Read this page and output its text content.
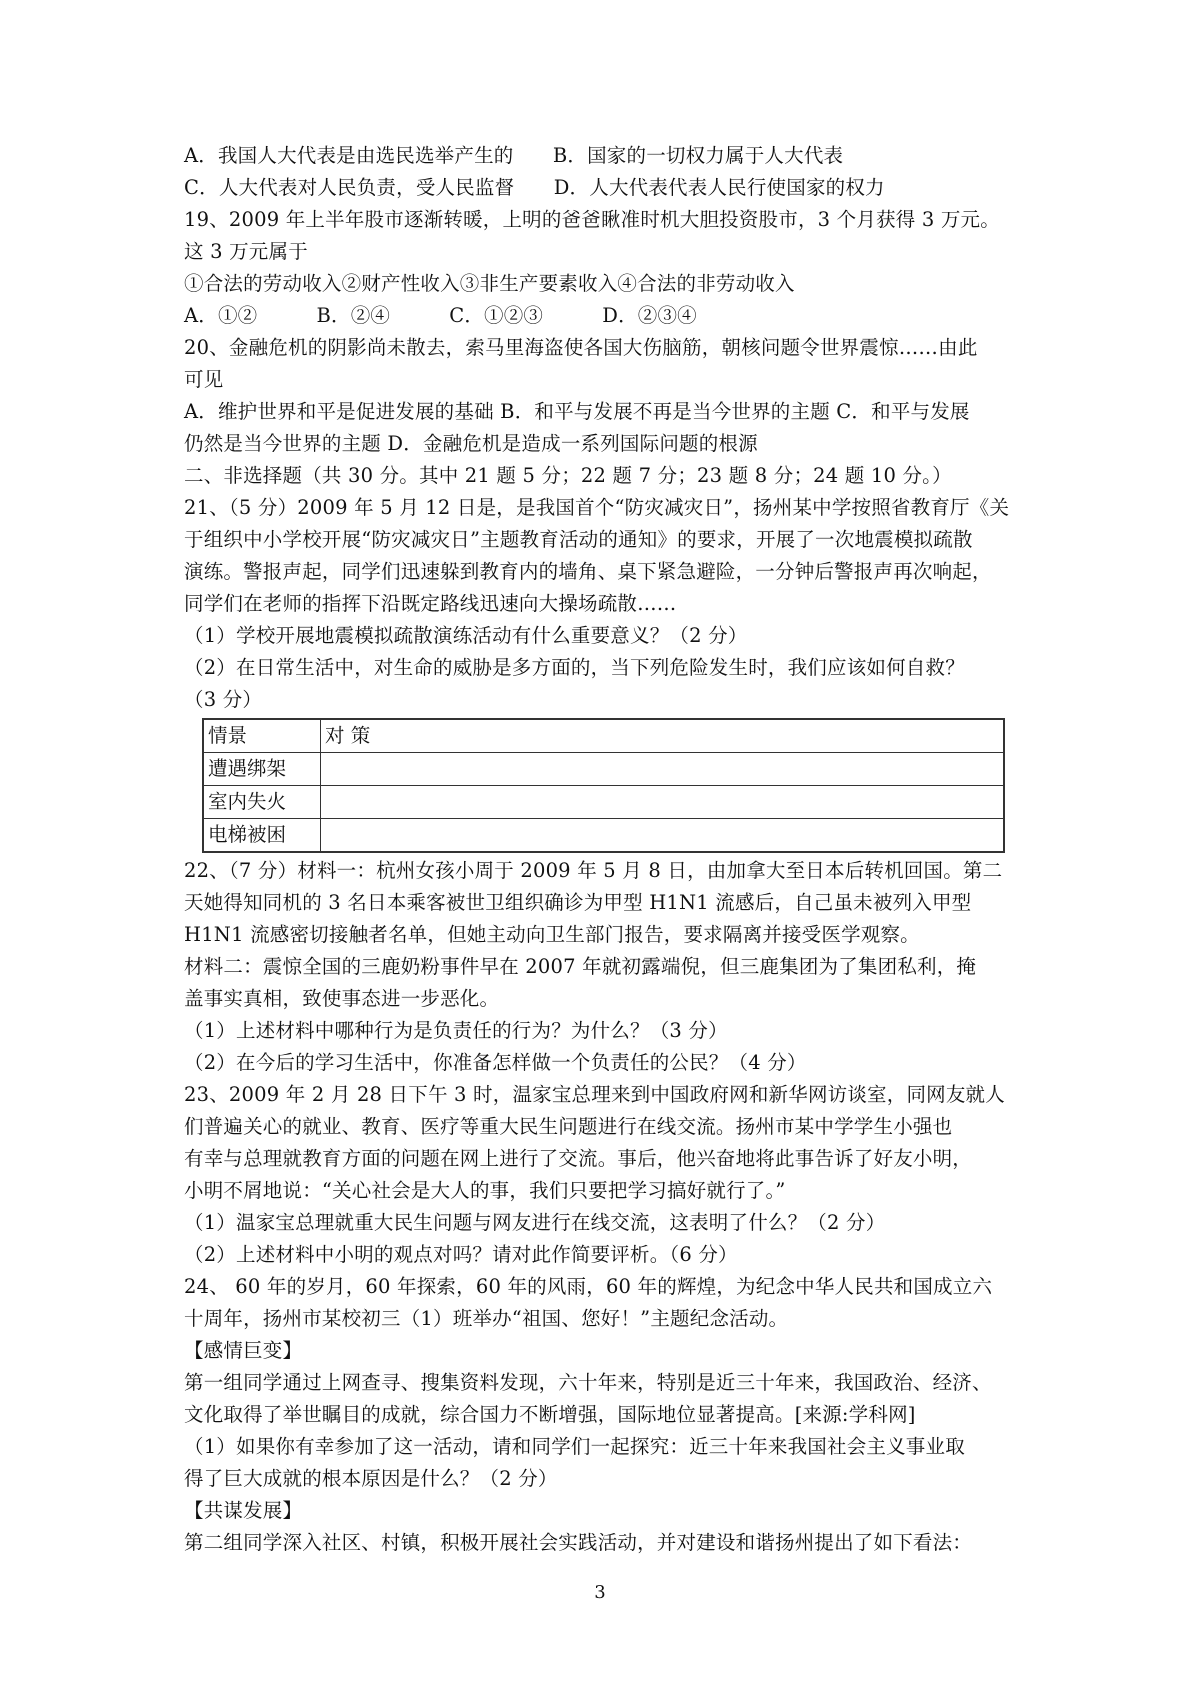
A．我国人大代表是由选民选举产生的　　B．国家的一切权力属于人大代表
C．人大代表对人民负责，受人民监督　　D．人大代表代表人民行使国家的权力
19、2009 年上半年股市逐渐转暖，上明的爸爸瞅准时机大胆投资股市，3 个月获得 3 万元。
这 3 万元属于
①合法的劳动收入②财产性收入③非生产要素收入④合法的非劳动收入
A．①②　　　B．②④　　　C．①②③　　　D．②③④
20、金融危机的阴影尚未散去，索马里海盗使各国大伤脑筋，朝核问题令世界震惊……由此
可见
A．维护世界和平是促进发展的基础 B．和平与发展不再是当今世界的主题 C．和平与发展
仍然是当今世界的主题 D．金融危机是造成一系列国际问题的根源
二、非选择题（共 30 分。其中 21 题 5 分；22 题 7 分；23 题 8 分；24 题 10 分。）
21、（5 分）2009 年 5 月 12 日是，是我国首个“防灾减灾日”，扬州某中学按照省教育厅《关
于组织中小学校开展“防灾减灾日”主题教育活动的通知》的要求，开展了一次地震模拟疏散
演练。警报声起，同学们迅速躲到教育内的墙角、桌下紧急避险，一分钟后警报声再次响起，
同学们在老师的指挥下沿既定路线迅速向大操场疏散……
（1）学校开展地震模拟疏散演练活动有什么重要意义？（2 分）
（2）在日常生活中，对生命的威胁是多方面的，当下列危险发生时，我们应该如何自救？
（3 分）
情景	对 策
遭遇绑架	
室内失火	
电梯被困	
22、（7 分）材料一：杭州女孩小周于 2009 年 5 月 8 日，由加拿大至日本后转机回国。第二
天她得知同机的 3 名日本乘客被世卫组织确诊为甲型 H1N1 流感后，自己虽未被列入甲型
H1N1 流感密切接触者名单，但她主动向卫生部门报告，要求隔离并接受医学观察。
材料二：震惊全国的三鹿奶粉事件早在 2007 年就初露端倪，但三鹿集团为了集团私利，掩
盖事实真相，致使事态进一步恶化。
（1）上述材料中哪种行为是负责任的行为？为什么？（3 分）
（2）在今后的学习生活中，你准备怎样做一个负责任的公民？（4 分）
23、2009 年 2 月 28 日下午 3 时，温家宝总理来到中国政府网和新华网访谈室，同网友就人
们普遍关心的就业、教育、医疗等重大民生问题进行在线交流。扬州市某中学学生小强也
有幸与总理就教育方面的问题在网上进行了交流。事后，他兴奋地将此事告诉了好友小明，
小明不屑地说：“关心社会是大人的事，我们只要把学习搞好就行了。”
（1）温家宝总理就重大民生问题与网友进行在线交流，这表明了什么？（2 分）
（2）上述材料中小明的观点对吗？请对此作简要评析。（6 分）
24、 60 年的岁月，60 年探索，60 年的风雨，60 年的辉煌，为纪念中华人民共和国成立六
十周年，扬州市某校初三（1）班举办“祖国、您好！”主题纪念活动。
【感情巨变】
第一组同学通过上网查寻、搜集资料发现，六十年来，特别是近三十年来，我国政治、经济、
文化取得了举世瞩目的成就，综合国力不断增强，国际地位显著提高。[来源:学科网]
（1）如果你有幸参加了这一活动，请和同学们一起探究：近三十年来我国社会主义事业取
得了巨大成就的根本原因是什么？（2 分）
【共谋发展】
第二组同学深入社区、村镇，积极开展社会实践活动，并对建设和谐扬州提出了如下看法：
3
